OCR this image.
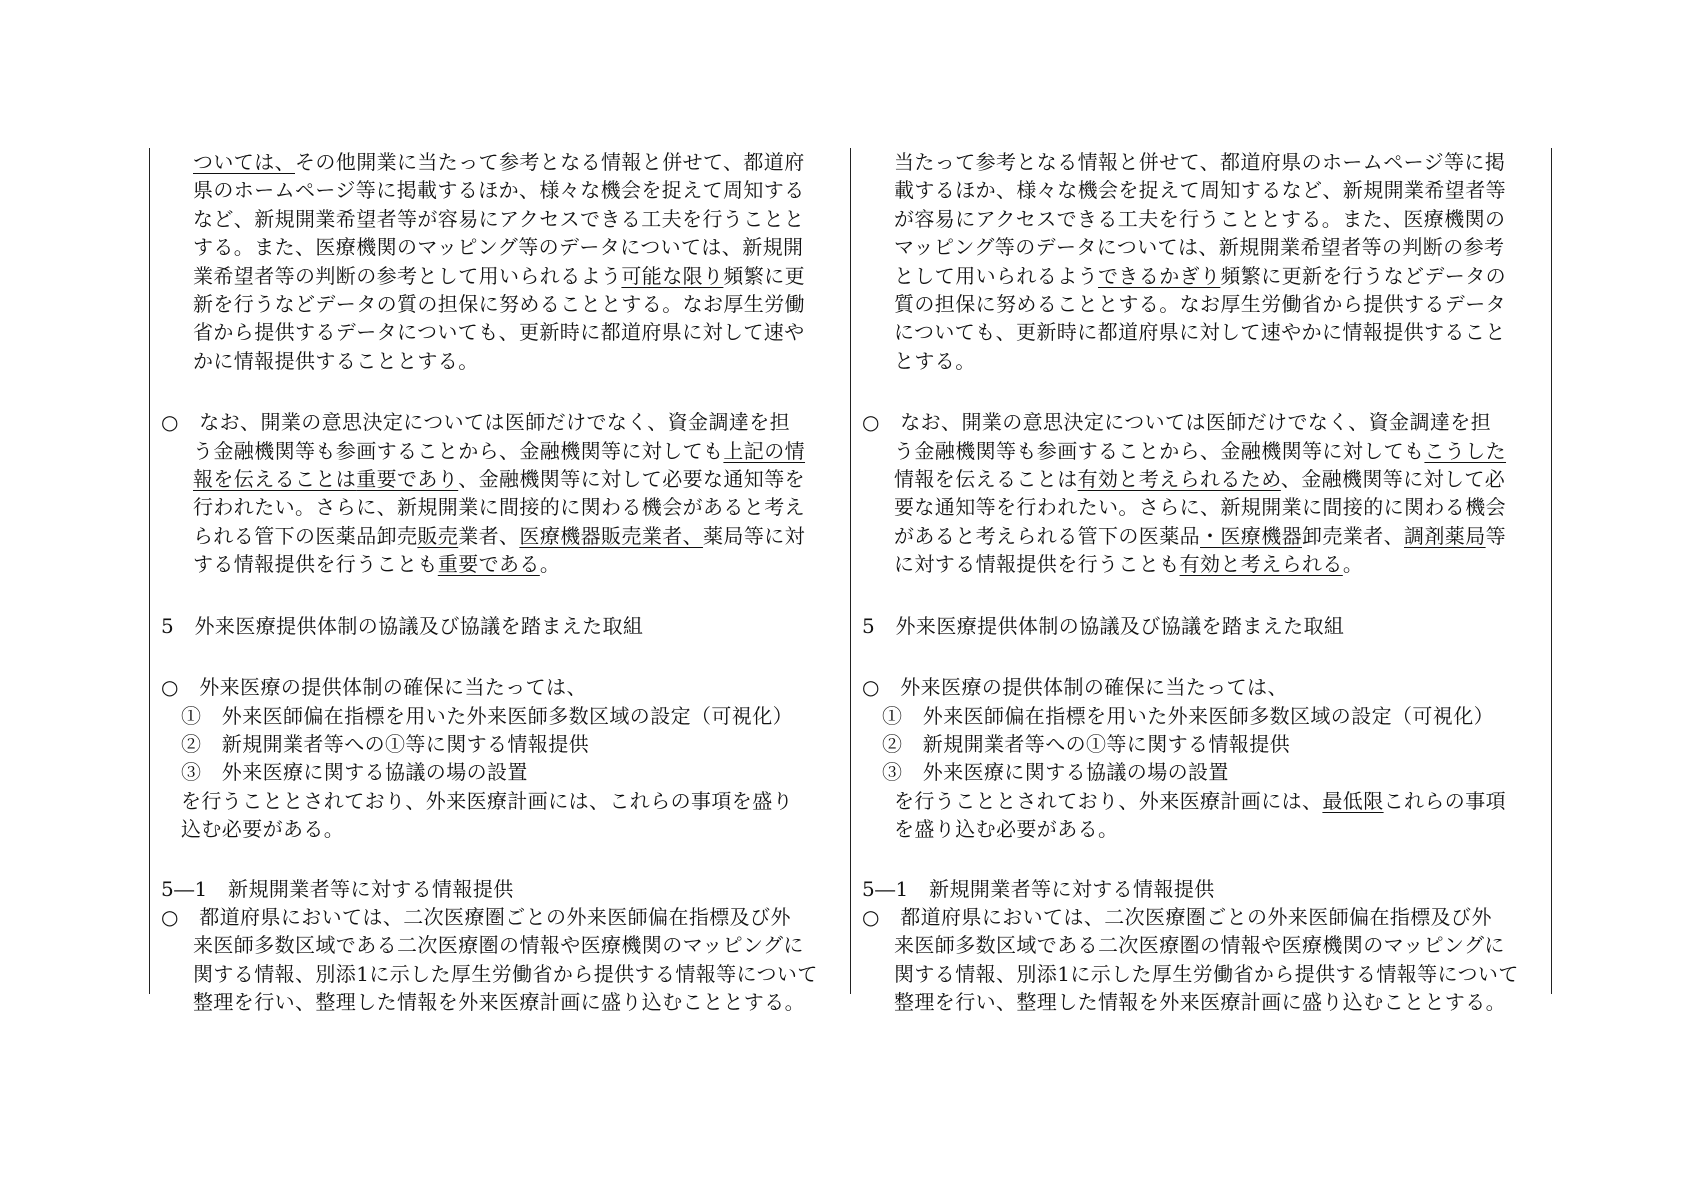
ついては、その他開業に当たって参考となる情報と併せて、都道府

県のホームページ等に掲載するほか、様々な機会を捉えて周知する

など、新規開業希望者等が容易にアクセスできる工夫を行うことと

する。また、医療機関のマッピング等のデータについては、新規開

業希望者等の判断の参考として用いられるよう可能な限り頻繁に更

新を行うなどデータの質の担保に努めることとする。なお厚生労働

省から提供するデータについても、更新時に都道府県に対して速や

かに情報提供することとする。

○　なお、開業の意思決定については医師だけでなく、資金調達を担

う金融機関等も参画することから、金融機関等に対しても上記の情

報を伝えることは重要であり、金融機関等に対して必要な通知等を

行われたい。さらに、新規開業に間接的に関わる機会があると考え

られる管下の医薬品卸売販売業者、医療機器販売業者、薬局等に対

する情報提供を行うことも重要である。

5　外来医療提供体制の協議及び協議を踏まえた取組

○　外来医療の提供体制の確保に当たっては、

①　外来医師偏在指標を用いた外来医師多数区域の設定（可視化）

②　新規開業者等への①等に関する情報提供

③　外来医療に関する協議の場の設置

を行うこととされており、外来医療計画には、これらの事項を盛り

込む必要がある。

5―1　新規開業者等に対する情報提供

○　都道府県においては、二次医療圏ごとの外来医師偏在指標及び外

来医師多数区域である二次医療圏の情報や医療機関のマッピングに

関する情報、別添1に示した厚生労働省から提供する情報等について

整理を行い、整理した情報を外来医療計画に盛り込むこととする。

当たって参考となる情報と併せて、都道府県のホームページ等に掲

載するほか、様々な機会を捉えて周知するなど、新規開業希望者等

が容易にアクセスできる工夫を行うこととする。また、医療機関の

マッピング等のデータについては、新規開業希望者等の判断の参考

として用いられるようできるかぎり頻繁に更新を行うなどデータの

質の担保に努めることとする。なお厚生労働省から提供するデータ

についても、更新時に都道府県に対して速やかに情報提供すること

とする。

○　なお、開業の意思決定については医師だけでなく、資金調達を担

う金融機関等も参画することから、金融機関等に対してもこうした

情報を伝えることは有効と考えられるため、金融機関等に対して必

要な通知等を行われたい。さらに、新規開業に間接的に関わる機会

があると考えられる管下の医薬品・医療機器卸売業者、調剤薬局等

に対する情報提供を行うことも有効と考えられる。

5　外来医療提供体制の協議及び協議を踏まえた取組

○　外来医療の提供体制の確保に当たっては、

①　外来医師偏在指標を用いた外来医師多数区域の設定（可視化）

②　新規開業者等への①等に関する情報提供

③　外来医療に関する協議の場の設置

を行うこととされており、外来医療計画には、最低限これらの事項

を盛り込む必要がある。

5―1　新規開業者等に対する情報提供

○　都道府県においては、二次医療圏ごとの外来医師偏在指標及び外

来医師多数区域である二次医療圏の情報や医療機関のマッピングに

関する情報、別添1に示した厚生労働省から提供する情報等について

整理を行い、整理した情報を外来医療計画に盛り込むこととする。
